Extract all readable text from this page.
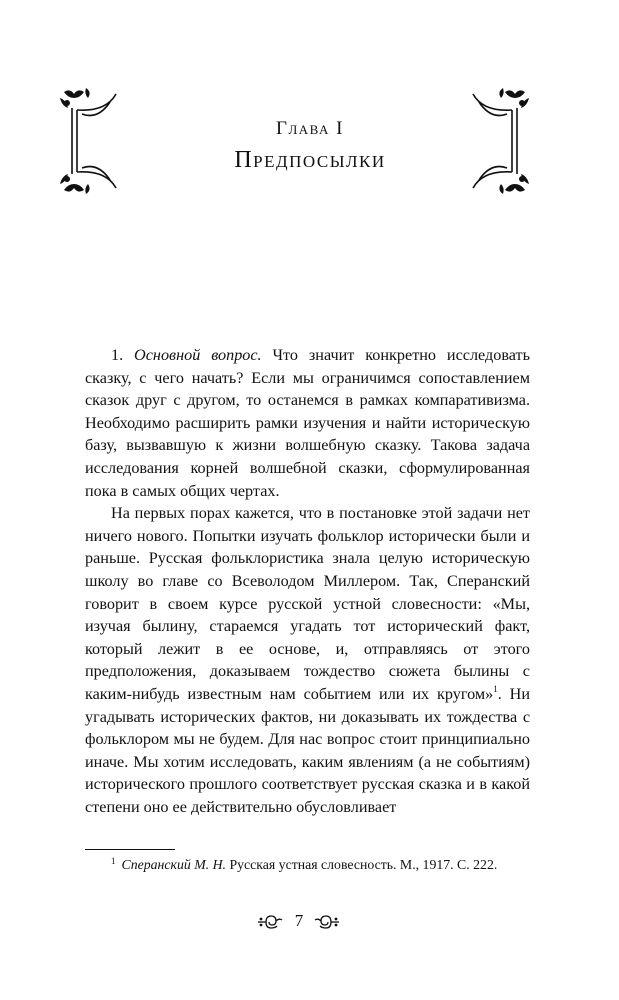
Глава I
Предпосылки

1. Основной вопрос. Что значит конкретно исследовать сказку, с чего начать? Если мы ограничимся сопоставлением сказок друг с другом, то останемся в рамках компаративизма. Необходимо расширить рамки изучения и найти историческую базу, вызвавшую к жизни волшебную сказку. Такова задача исследования корней волшебной сказки, сформулированная пока в самых общих чертах.

На первых порах кажется, что в постановке этой задачи нет ничего нового. Попытки изучать фольклор исторически были и раньше. Русская фольклористика знала целую историческую школу во главе со Всеволодом Миллером. Так, Сперанский говорит в своем курсе русской устной словесности: «Мы, изучая былину, стараемся угадать тот исторический факт, который лежит в ее основе, и, отправляясь от этого предположения, доказываем тождество сюжета былины с каким-нибудь известным нам событием или их кругом»$^1$. Ни угадывать исторических фактов, ни доказывать их тождества с фольклором мы не будем. Для нас вопрос стоит принципиально иначе. Мы хотим исследовать, каким явлениям (а не событиям) исторического прошлого соответствует русская сказка и в какой степени оно ее действительно обусловливает

$^1$ Сперанский М. Н. Русская устная словесность. М., 1917. С. 222.
7
